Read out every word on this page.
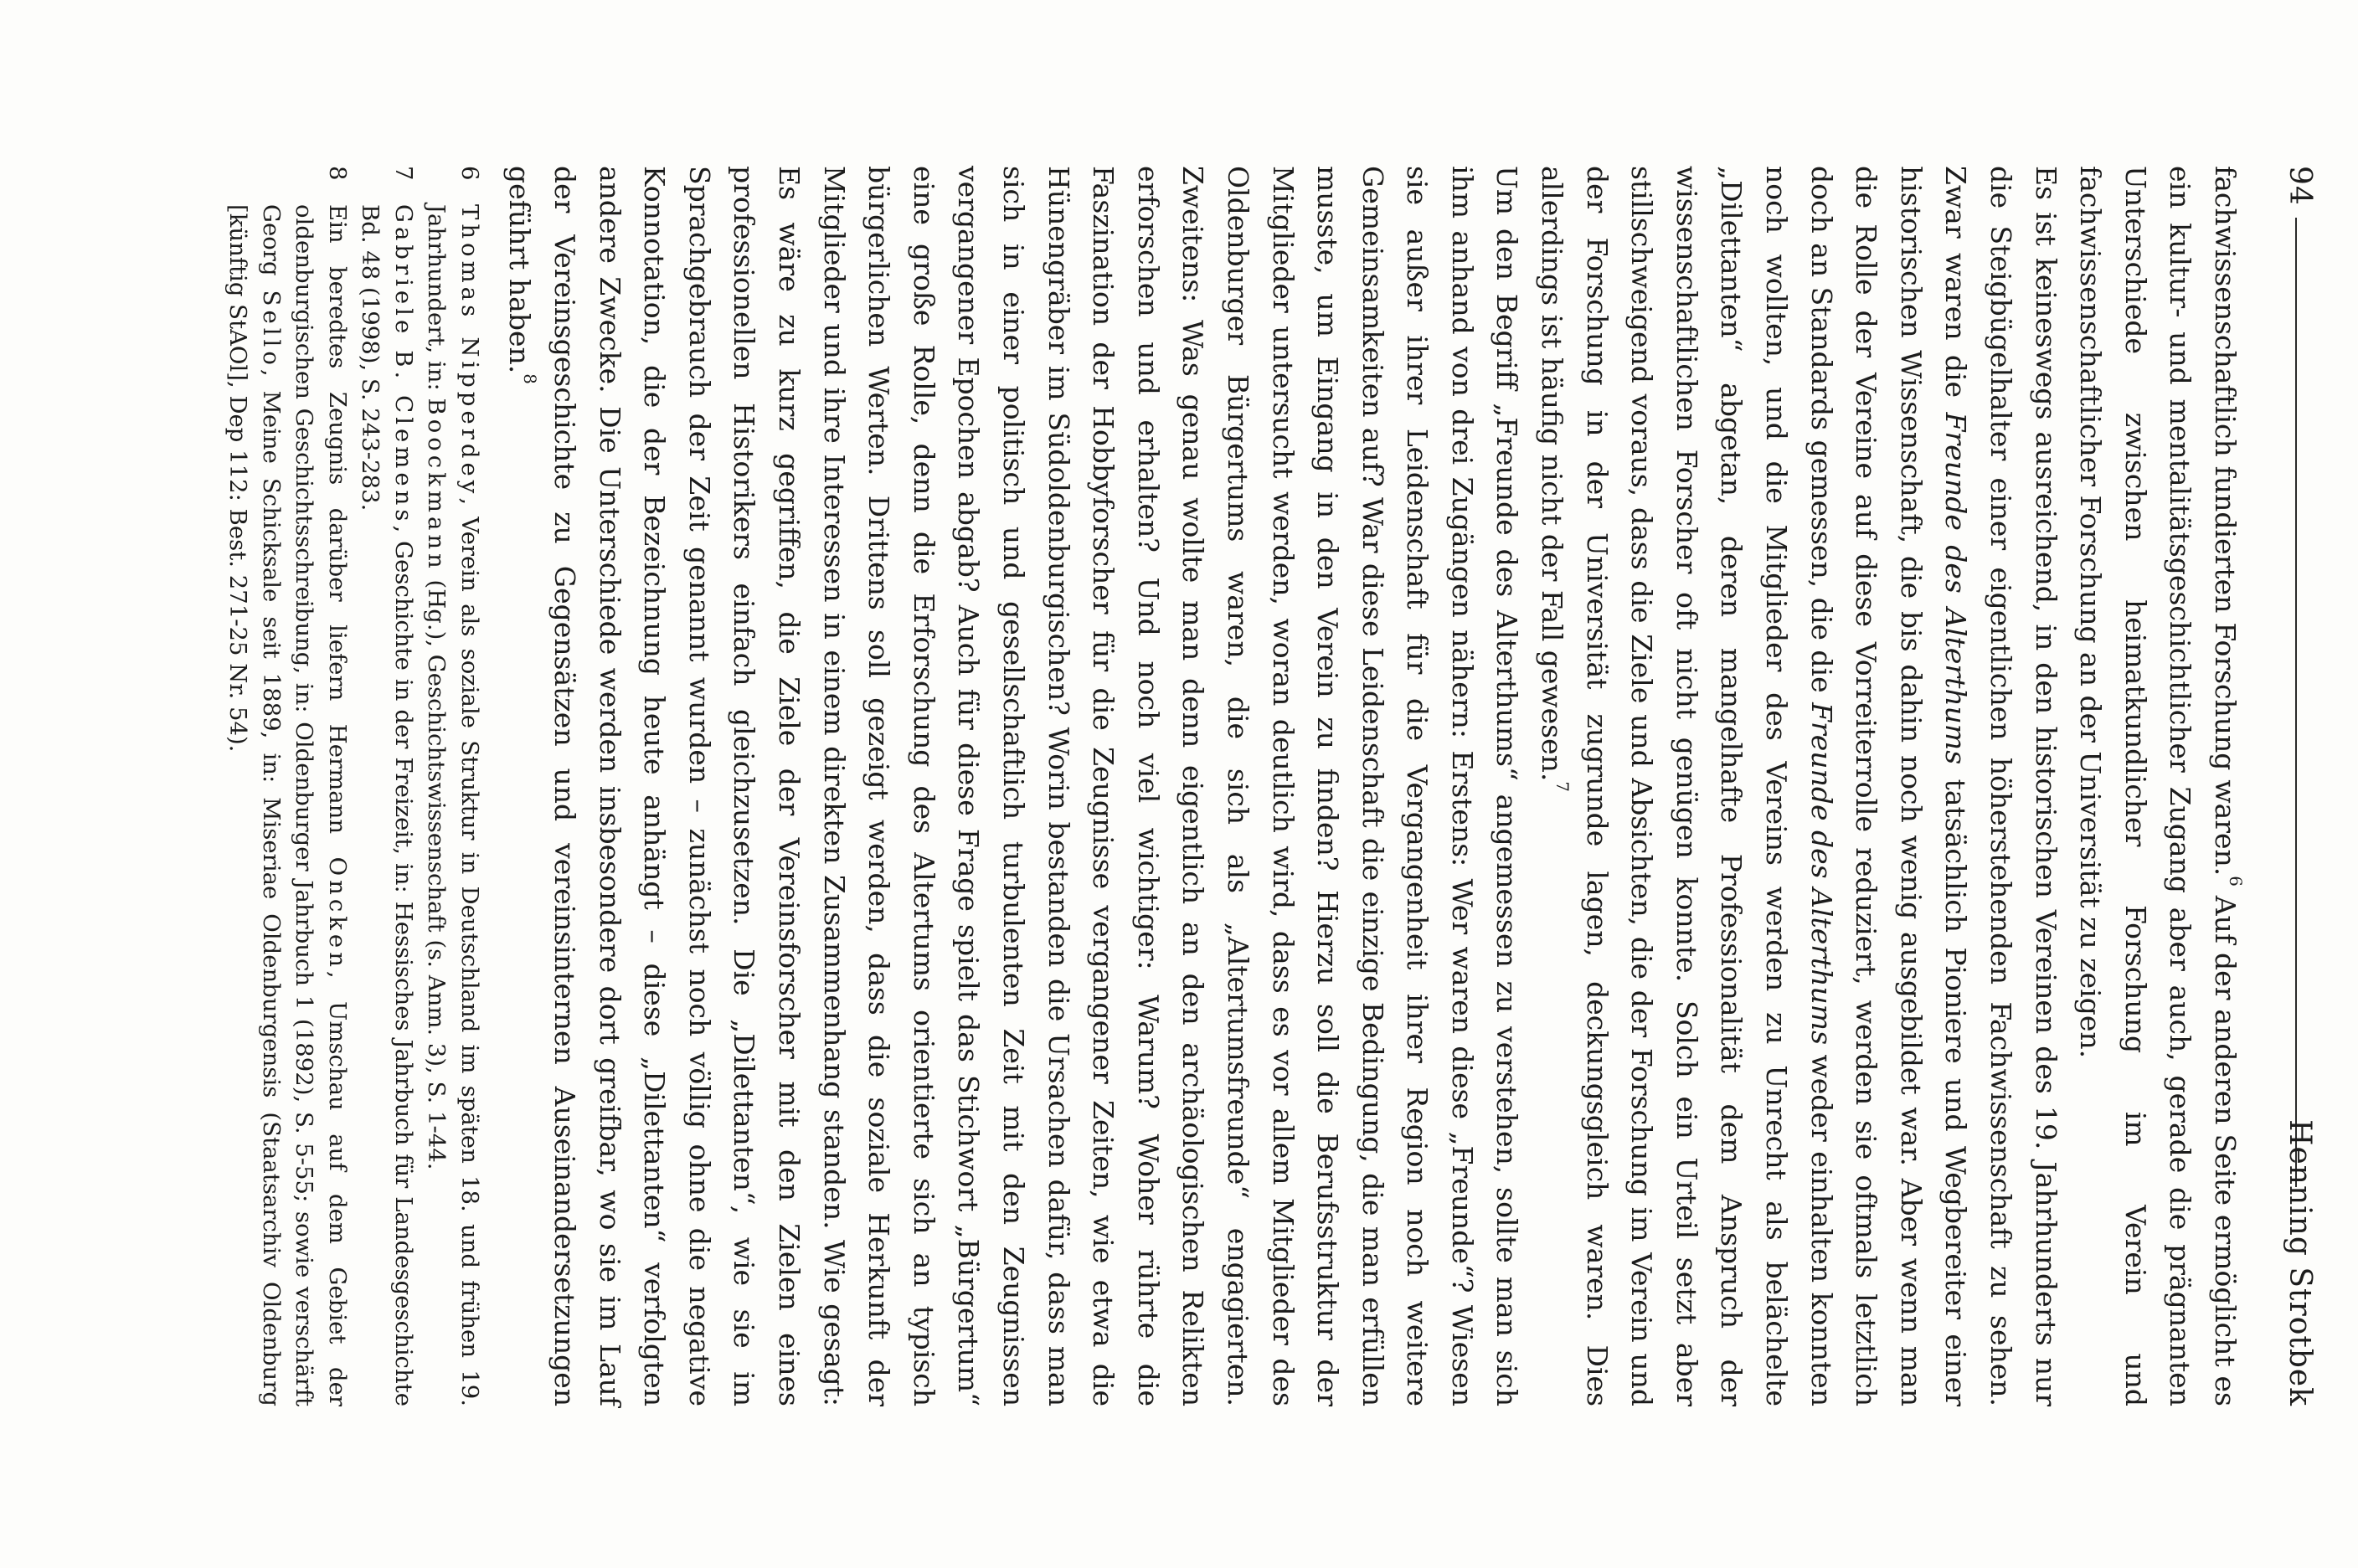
94
Henning Strotbek

fachwissenschaftlich fundierten Forschung waren.$^6$ Auf der anderen Seite ermöglicht es ein kultur- und mentalitätsgeschichtlicher Zugang aber auch, gerade die prägnanten Unterschiede zwischen heimatkundlicher Forschung im Verein und fachwissenschaftlicher Forschung an der Universität zu zeigen.

Es ist keineswegs ausreichend, in den historischen Vereinen des 19. Jahrhunderts nur die Steigbügelhalter einer eigentlichen höherstehenden Fachwissenschaft zu sehen. Zwar waren die Freunde des Alterthums tatsächlich Pioniere und Wegbereiter einer historischen Wissenschaft, die bis dahin noch wenig ausgebildet war. Aber wenn man die Rolle der Vereine auf diese Vorreiterrolle reduziert, werden sie oftmals letztlich doch an Standards gemessen, die die Freunde des Alterthums weder einhalten konnten noch wollten, und die Mitglieder des Vereins werden zu Unrecht als belächelte „Dilettanten“ abgetan, deren mangelhafte Professionalität dem Anspruch der wissenschaftlichen Forscher oft nicht genügen konnte. Solch ein Urteil setzt aber stillschweigend voraus, dass die Ziele und Absichten, die der Forschung im Verein und der Forschung in der Universität zugrunde lagen, deckungsgleich waren. Dies allerdings ist häufig nicht der Fall gewesen.$^7$

Um den Begriff „Freunde des Alterthums“ angemessen zu verstehen, sollte man sich ihm anhand von drei Zugängen nähern: Erstens: Wer waren diese „Freunde“? Wiesen sie außer ihrer Leidenschaft für die Vergangenheit ihrer Region noch weitere Gemeinsamkeiten auf? War diese Leidenschaft die einzige Bedingung, die man erfüllen musste, um Eingang in den Verein zu finden? Hierzu soll die Berufsstruktur der Mitglieder untersucht werden, woran deutlich wird, dass es vor allem Mitglieder des Oldenburger Bürgertums waren, die sich als „Altertumsfreunde“ engagierten. Zweitens: Was genau wollte man denn eigentlich an den archäologischen Relikten erforschen und erhalten? Und noch viel wichtiger: Warum? Woher rührte die Faszination der Hobbyforscher für die Zeugnisse vergangener Zeiten, wie etwa die Hünengräber im Südoldenburgischen? Worin bestanden die Ursachen dafür, dass man sich in einer politisch und gesellschaftlich turbulenten Zeit mit den Zeugnissen vergangener Epochen abgab? Auch für diese Frage spielt das Stichwort „Bürgertum“ eine große Rolle, denn die Erforschung des Altertums orientierte sich an typisch bürgerlichen Werten. Drittens soll gezeigt werden, dass die soziale Herkunft der Mitglieder und ihre Interessen in einem direkten Zusammenhang standen. Wie gesagt: Es wäre zu kurz gegriffen, die Ziele der Vereinsforscher mit den Zielen eines professionellen Historikers einfach gleichzusetzen. Die „Dilettanten“, wie sie im Sprachgebrauch der Zeit genannt wurden – zunächst noch völlig ohne die negative Konnotation, die der Bezeichnung heute anhängt – diese „Dilettanten“ verfolgten andere Zwecke. Die Unterschiede werden insbesondere dort greifbar, wo sie im Lauf der Vereinsgeschichte zu Gegensätzen und vereinsinternen Auseinandersetzungen geführt haben.$^8$

6
Thomas Nipperdey, Verein als soziale Struktur in Deutschland im späten 18. und frühen 19. Jahrhundert, in: Boockmann (Hg.), Geschichtswissenschaft (s. Anm. 3), S. 1-44.

7
Gabriele B. Clemens, Geschichte in der Freizeit, in: Hessisches Jahrbuch für Landesgeschichte Bd. 48 (1998), S. 243-283.

8
Ein beredtes Zeugnis darüber liefern Hermann Oncken, Umschau auf dem Gebiet der oldenburgischen Geschichtsschreibung, in: Oldenburger Jahrbuch 1 (1892), S. 5-55; sowie verschärft Georg Sello, Meine Schicksale seit 1889, in: Miseriae Oldenburgensis (Staatsarchiv Oldenburg [künftig StAOl], Dep 112: Best. 271-25 Nr. 54).
